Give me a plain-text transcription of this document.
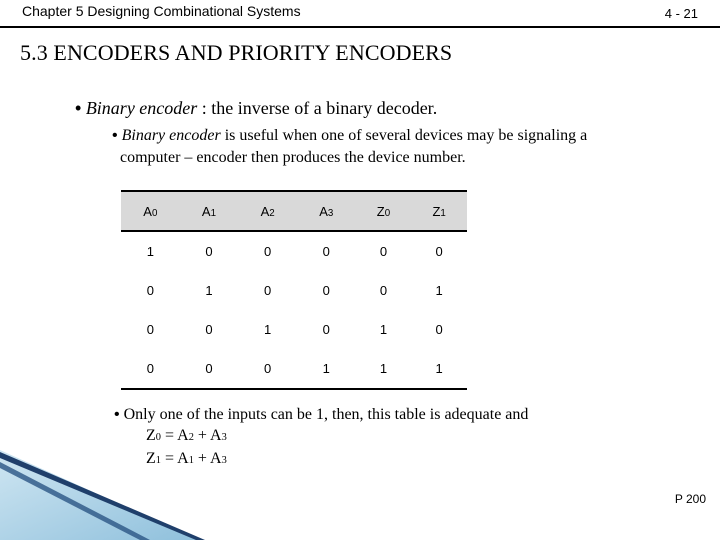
Chapter 5 Designing Combinational Systems	4 - 21
5.3 ENCODERS AND PRIORITY ENCODERS
• Binary encoder : the inverse of a binary decoder.
• Binary encoder is useful when one of several devices may be signaling a
computer – encoder then produces the device number.
A0	A1	A2	A3	Z0	Z1
1	0	0	0	0	0
0	1	0	0	0	1
0	0	1	0	1	0
0	0	0	1	1	1
• Only one of the inputs can be 1, then, this table is adequate and
Z0 = A2 + A3
Z1 = A1 + A3
P 200
